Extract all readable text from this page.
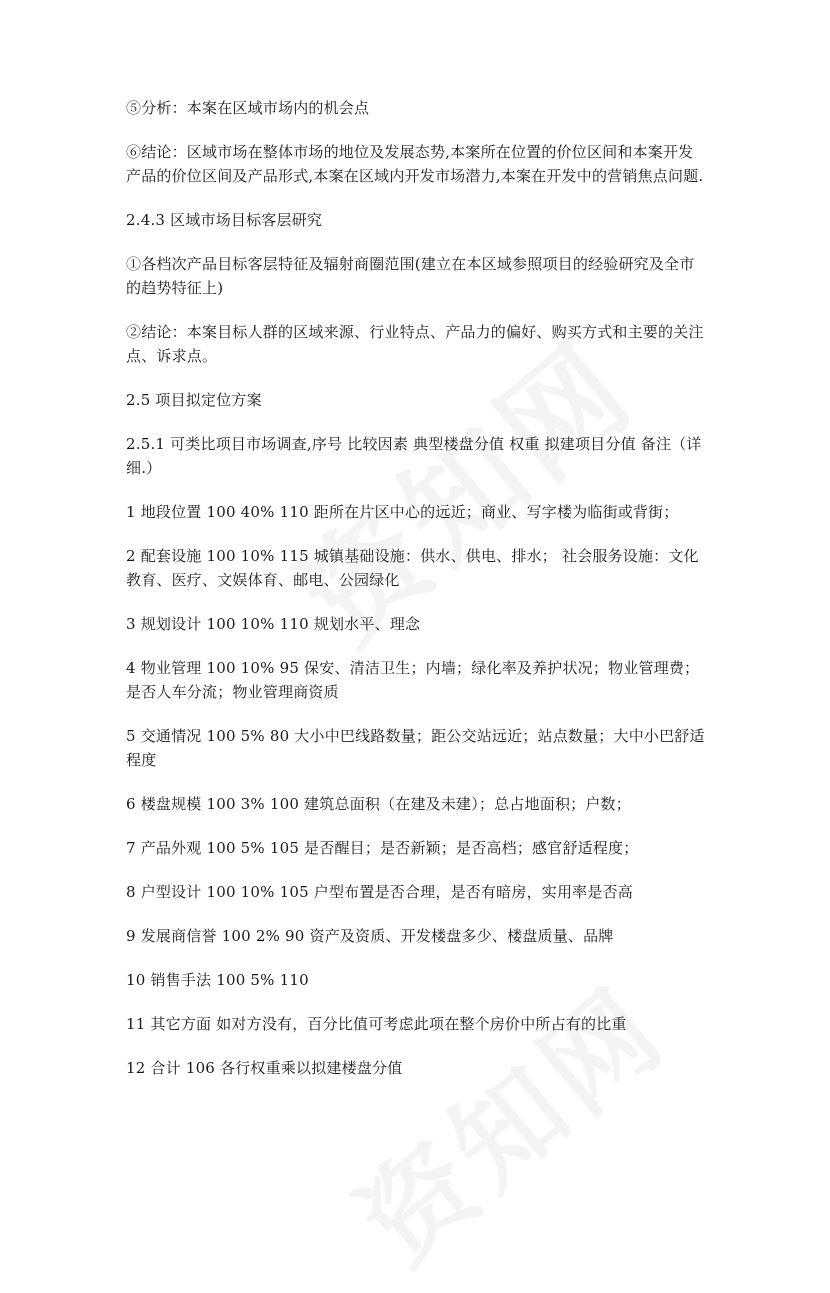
⑤分析：本案在区域市场内的机会点

⑥结论：区域市场在整体市场的地位及发展态势,本案所在位置的价位区间和本案开发产品的价位区间及产品形式,本案在区域内开发市场潜力,本案在开发中的营销焦点问题.

2.4.3 区域市场目标客层研究

①各档次产品目标客层特征及辐射商圈范围(建立在本区域参照项目的经验研究及全市的趋势特征上)

②结论：本案目标人群的区域来源、行业特点、产品力的偏好、购买方式和主要的关注点、诉求点。

2.5 项目拟定位方案

2.5.1 可类比项目市场调查,序号 比较因素 典型楼盘分值 权重 拟建项目分值 备注（详细.）

1 地段位置 100 40% 110 距所在片区中心的远近；商业、写字楼为临街或背街；

2 配套设施 100 10% 115 城镇基础设施：供水、供电、排水； 社会服务设施：文化教育、医疗、文娱体育、邮电、公园绿化

3 规划设计 100 10% 110 规划水平、理念

4 物业管理 100 10% 95 保安、清洁卫生；内墙；绿化率及养护状况；物业管理费；是否人车分流；物业管理商资质

5 交通情况 100 5% 80 大小中巴线路数量；距公交站远近；站点数量；大中小巴舒适程度

6 楼盘规模 100 3% 100 建筑总面积（在建及未建）；总占地面积；户数；

7 产品外观 100 5% 105 是否醒目；是否新颖；是否高档；感官舒适程度；

8 户型设计 100 10% 105 户型布置是否合理，是否有暗房，实用率是否高

9 发展商信誉 100 2% 90 资产及资质、开发楼盘多少、楼盘质量、品牌

10 销售手法 100 5% 110

11 其它方面 如对方没有，百分比值可考虑此项在整个房价中所占有的比重

12 合计 106 各行权重乘以拟建楼盘分值
